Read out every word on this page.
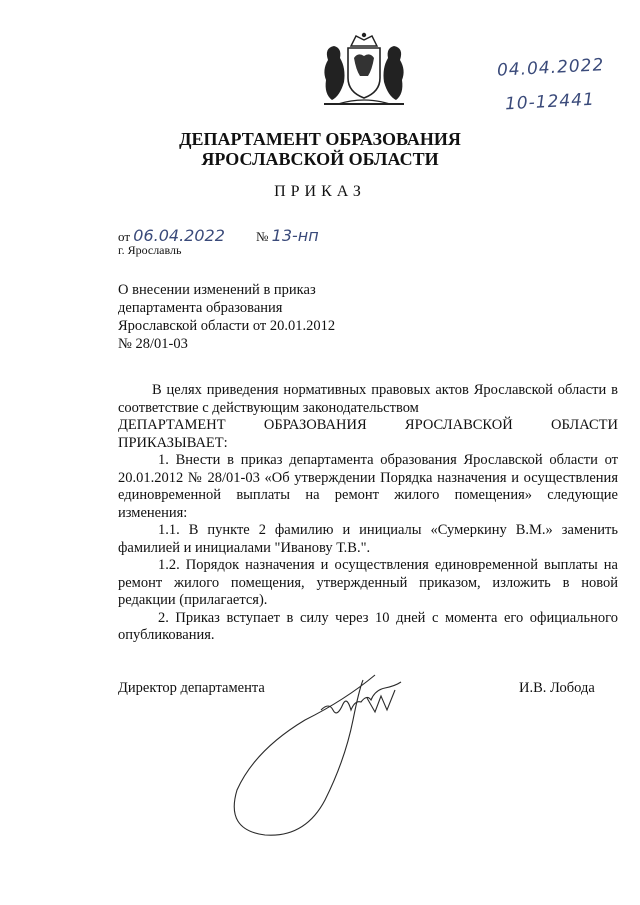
04.04.2022
10-12441
ДЕПАРТАМЕНТ ОБРАЗОВАНИЯ
ЯРОСЛАВСКОЙ ОБЛАСТИ
ПРИКАЗ
от 06.04.2022 № 13-нп
г. Ярославль
О внесении изменений в приказ
департамента образования
Ярославской области от 20.01.2012
№ 28/01-03

В целях приведения нормативных правовых актов Ярославской области в соответствие с действующим законодательством

ДЕПАРТАМЕНТ ОБРАЗОВАНИЯ ЯРОСЛАВСКОЙ ОБЛАСТИ ПРИКАЗЫВАЕТ:

1. Внести в приказ департамента образования Ярославской области от 20.01.2012 № 28/01-03 «Об утверждении Порядка назначения и осуществления единовременной выплаты на ремонт жилого помещения» следующие изменения:

1.1. В пункте 2 фамилию и инициалы «Сумеркину В.М.» заменить фамилией и инициалами "Иванову Т.В.".

1.2. Порядок назначения и осуществления единовременной выплаты на ремонт жилого помещения, утвержденный приказом, изложить в новой редакции (прилагается).

2. Приказ вступает в силу через 10 дней с момента его официального опубликования.

Директор департамента	И.В. Лобода
